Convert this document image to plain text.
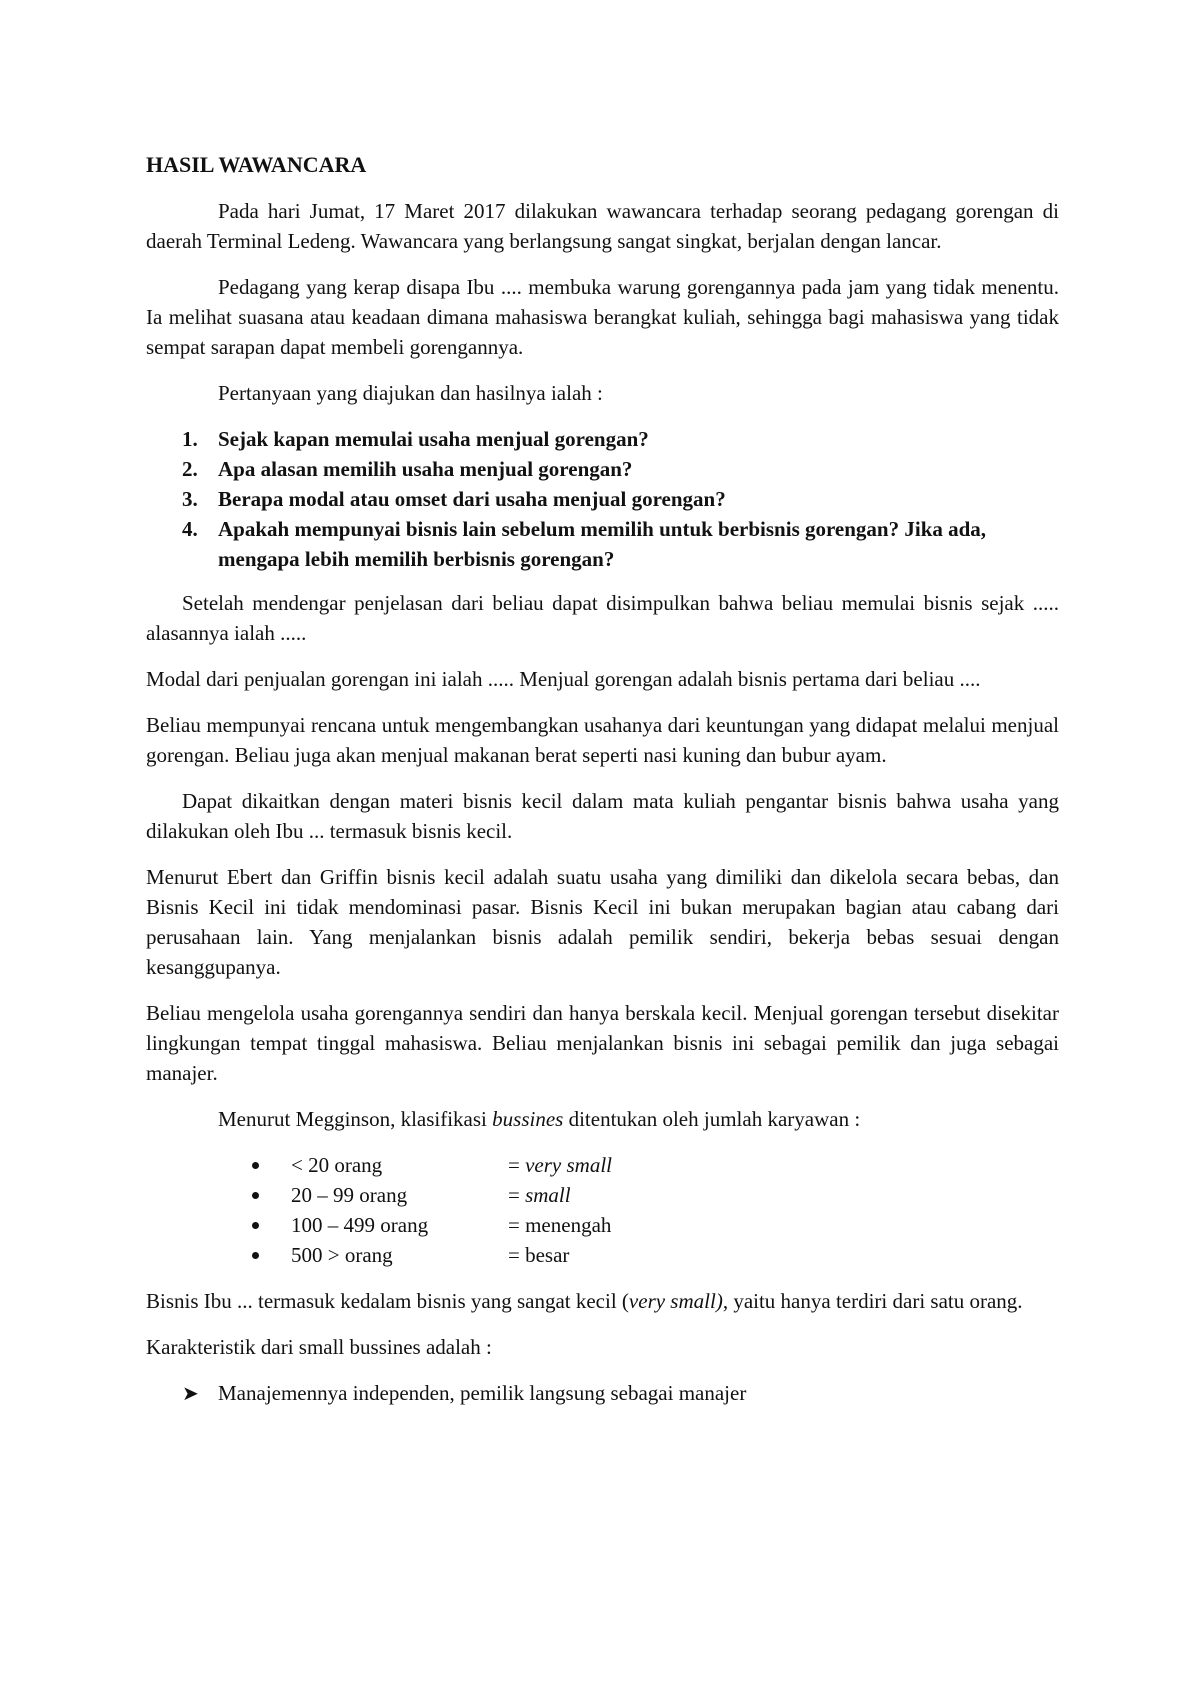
HASIL WAWANCARA

Pada hari Jumat, 17 Maret 2017 dilakukan wawancara terhadap seorang pedagang gorengan di daerah Terminal Ledeng. Wawancara yang berlangsung sangat singkat, berjalan dengan lancar.

Pedagang yang kerap disapa Ibu .... membuka warung gorengannya pada jam yang tidak menentu. Ia melihat suasana atau keadaan dimana mahasiswa berangkat kuliah, sehingga bagi mahasiswa yang tidak sempat sarapan dapat membeli gorengannya.

Pertanyaan yang diajukan dan hasilnya ialah :

1. Sejak kapan memulai usaha menjual gorengan?
2. Apa alasan memilih usaha menjual gorengan?
3. Berapa modal atau omset dari usaha menjual gorengan?
4. Apakah mempunyai bisnis lain sebelum memilih untuk berbisnis gorengan? Jika ada, mengapa lebih memilih berbisnis gorengan?

Setelah mendengar penjelasan dari beliau dapat disimpulkan bahwa beliau memulai bisnis sejak ..... alasannya ialah .....

Modal dari penjualan gorengan ini ialah ..... Menjual gorengan adalah bisnis pertama dari beliau ....

Beliau mempunyai rencana untuk mengembangkan usahanya dari keuntungan yang didapat melalui menjual gorengan. Beliau juga akan menjual makanan berat seperti nasi kuning dan bubur ayam.

Dapat dikaitkan dengan materi bisnis kecil dalam mata kuliah pengantar bisnis bahwa usaha yang dilakukan oleh Ibu ... termasuk bisnis kecil.

Menurut Ebert dan Griffin bisnis kecil adalah suatu usaha yang dimiliki dan dikelola secara bebas, dan Bisnis Kecil ini tidak mendominasi pasar. Bisnis Kecil ini bukan merupakan bagian atau cabang dari perusahaan lain. Yang menjalankan bisnis adalah pemilik sendiri, bekerja bebas sesuai dengan kesanggupanya.

Beliau mengelola usaha gorengannya sendiri dan hanya berskala kecil. Menjual gorengan tersebut disekitar lingkungan tempat tinggal mahasiswa. Beliau menjalankan bisnis ini sebagai pemilik dan juga sebagai manajer.

Menurut Megginson, klasifikasi bussines ditentukan oleh jumlah karyawan :

< 20 orang	= very small
20 – 99 orang	= small
100 – 499 orang	= menengah
500 > orang	= besar

Bisnis Ibu ... termasuk kedalam bisnis yang sangat kecil (very small), yaitu hanya terdiri dari satu orang.

Karakteristik dari small bussines adalah :

➤ Manajemennya independen, pemilik langsung sebagai manajer
